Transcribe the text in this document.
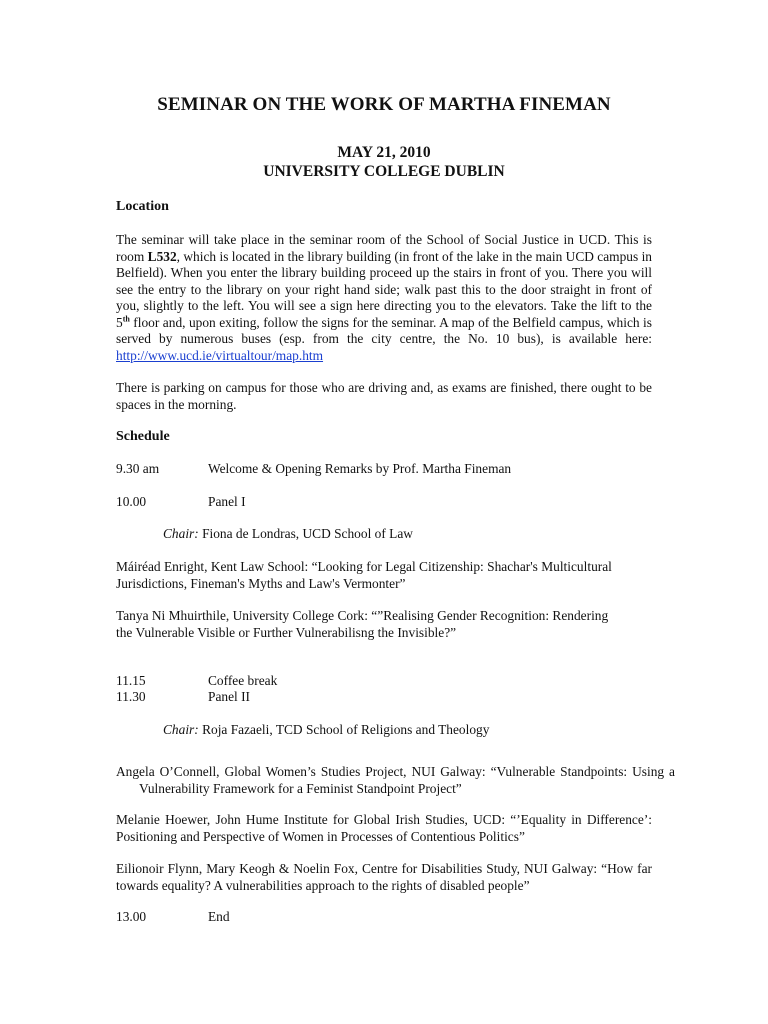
SEMINAR ON THE WORK OF MARTHA FINEMAN
MAY 21, 2010
UNIVERSITY COLLEGE DUBLIN
Location
The seminar will take place in the seminar room of the School of Social Justice in UCD. This is room L532, which is located in the library building (in front of the lake in the main UCD campus in Belfield). When you enter the library building proceed up the stairs in front of you. There you will see the entry to the library on your right hand side; walk past this to the door straight in front of you, slightly to the left. You will see a sign here directing you to the elevators. Take the lift to the 5th floor and, upon exiting, follow the signs for the seminar. A map of the Belfield campus, which is served by numerous buses (esp. from the city centre, the No. 10 bus), is available here: http://www.ucd.ie/virtualtour/map.htm
There is parking on campus for those who are driving and, as exams are finished, there ought to be spaces in the morning.
Schedule
9.30 am	Welcome & Opening Remarks by Prof. Martha Fineman
10.00	Panel I
Chair: Fiona de Londras, UCD School of Law
Máiréad Enright, Kent Law School: “Looking for Legal Citizenship: Shachar's Multicultural
Jurisdictions, Fineman's Myths and Law's Vermonter”
Tanya Ni Mhuirthile, University College Cork: “”Realising Gender Recognition: Rendering
the Vulnerable Visible or Further Vulnerabilisng the Invisible?”
11.15	Coffee break
11.30	Panel II
Chair: Roja Fazaeli, TCD School of Religions and Theology
Angela O’Connell, Global Women’s Studies Project, NUI Galway: “Vulnerable Standpoints: Using a Vulnerability Framework for a Feminist Standpoint Project”
Melanie Hoewer, John Hume Institute for Global Irish Studies, UCD: “’Equality in Difference’: Positioning and Perspective of Women in Processes of Contentious Politics”
Eilionoir Flynn, Mary Keogh & Noelin Fox, Centre for Disabilities Study, NUI Galway: “How far towards equality? A vulnerabilities approach to the rights of disabled people”
13.00	End
